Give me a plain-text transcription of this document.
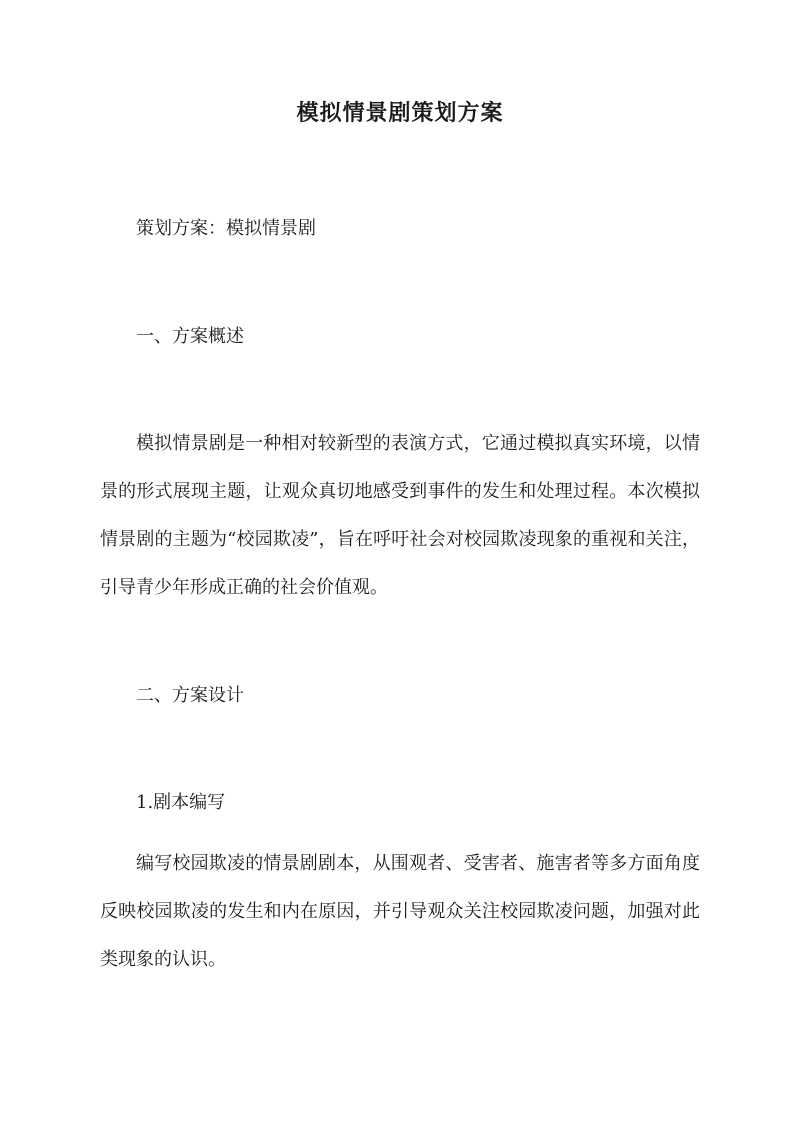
模拟情景剧策划方案
策划方案：模拟情景剧
一、方案概述

模拟情景剧是一种相对较新型的表演方式，它通过模拟真实环境，以情景的形式展现主题，让观众真切地感受到事件的发生和处理过程。本次模拟情景剧的主题为“校园欺凌”，旨在呼吁社会对校园欺凌现象的重视和关注，引导青少年形成正确的社会价值观。

二、方案设计
1.剧本编写

编写校园欺凌的情景剧剧本，从围观者、受害者、施害者等多方面角度反映校园欺凌的发生和内在原因，并引导观众关注校园欺凌问题，加强对此类现象的认识。
